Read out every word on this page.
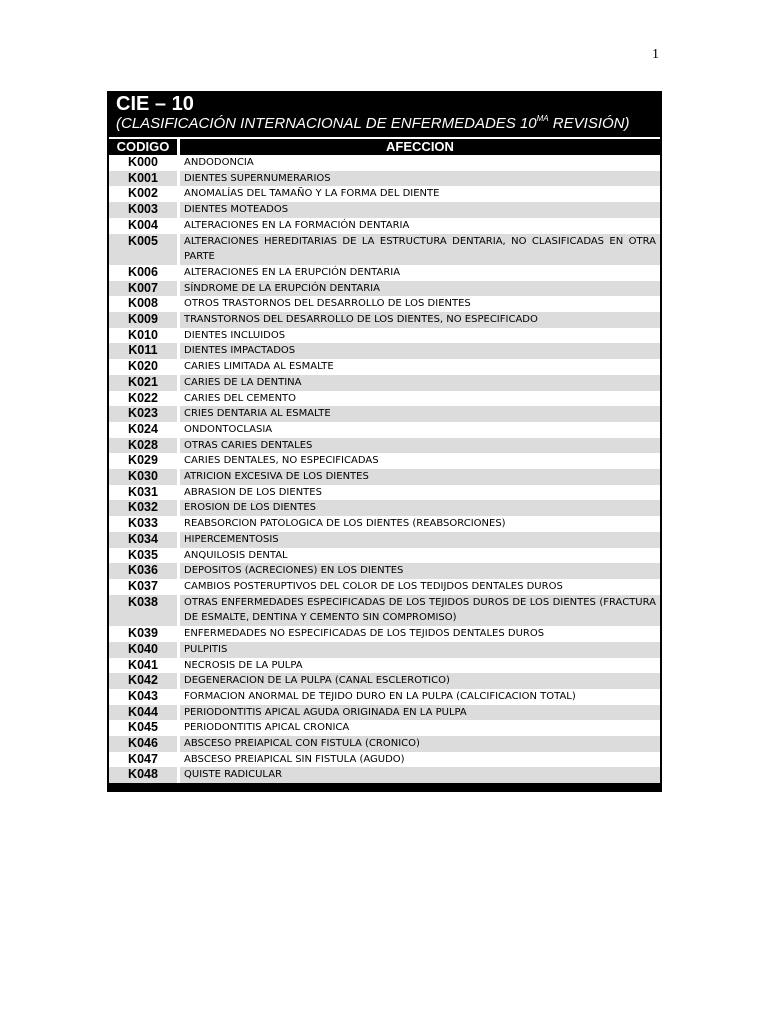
1
CIE – 10
(CLASIFICACIÓN INTERNACIONAL DE ENFERMEDADES $10^{MA}$ REVISIÓN)
CODIGO	AFECCION
K000	ANDODONCIA
K001	DIENTES SUPERNUMERARIOS
K002	ANOMALÍAS DEL TAMAÑO Y LA FORMA DEL DIENTE
K003	DIENTES MOTEADOS
K004	ALTERACIONES EN LA FORMACIÓN DENTARIA
K005	ALTERACIONES HEREDITARIAS DE LA ESTRUCTURA DENTARIA, NO CLASIFICADAS EN OTRA PARTE
K006	ALTERACIONES EN LA ERUPCIÓN DENTARIA
K007	SÍNDROME DE LA ERUPCIÓN DENTARIA
K008	OTROS TRASTORNOS DEL DESARROLLO DE LOS DIENTES
K009	TRANSTORNOS DEL DESARROLLO DE LOS DIENTES, NO ESPECIFICADO
K010	DIENTES INCLUIDOS
K011	DIENTES IMPACTADOS
K020	CARIES LIMITADA AL ESMALTE
K021	CARIES DE LA DENTINA
K022	CARIES DEL CEMENTO
K023	CRIES DENTARIA AL ESMALTE
K024	ONDONTOCLASIA
K028	OTRAS CARIES DENTALES
K029	CARIES DENTALES, NO ESPECIFICADAS
K030	ATRICION EXCESIVA DE LOS DIENTES
K031	ABRASION DE LOS DIENTES
K032	EROSION DE LOS DIENTES
K033	REABSORCION PATOLOGICA DE LOS DIENTES (REABSORCIONES)
K034	HIPERCEMENTOSIS
K035	ANQUILOSIS DENTAL
K036	DEPOSITOS (ACRECIONES) EN LOS DIENTES
K037	CAMBIOS POSTERUPTIVOS DEL COLOR DE LOS TEDIJDOS DENTALES DUROS
K038	OTRAS ENFERMEDADES ESPECIFICADAS DE LOS TEJIDOS DUROS DE LOS DIENTES (FRACTURA DE ESMALTE, DENTINA Y CEMENTO SIN COMPROMISO)
K039	ENFERMEDADES NO ESPECIFICADAS DE LOS TEJIDOS DENTALES DUROS
K040	PULPITIS
K041	NECROSIS DE LA PULPA
K042	DEGENERACION DE LA PULPA (CANAL ESCLEROTICO)
K043	FORMACION ANORMAL DE TEJIDO DURO EN LA PULPA (CALCIFICACION TOTAL)
K044	PERIODONTITIS APICAL AGUDA ORIGINADA EN LA PULPA
K045	PERIODONTITIS APICAL CRONICA
K046	ABSCESO PREIAPICAL CON FISTULA (CRONICO)
K047	ABSCESO PREIAPICAL SIN FISTULA (AGUDO)
K048	QUISTE RADICULAR
